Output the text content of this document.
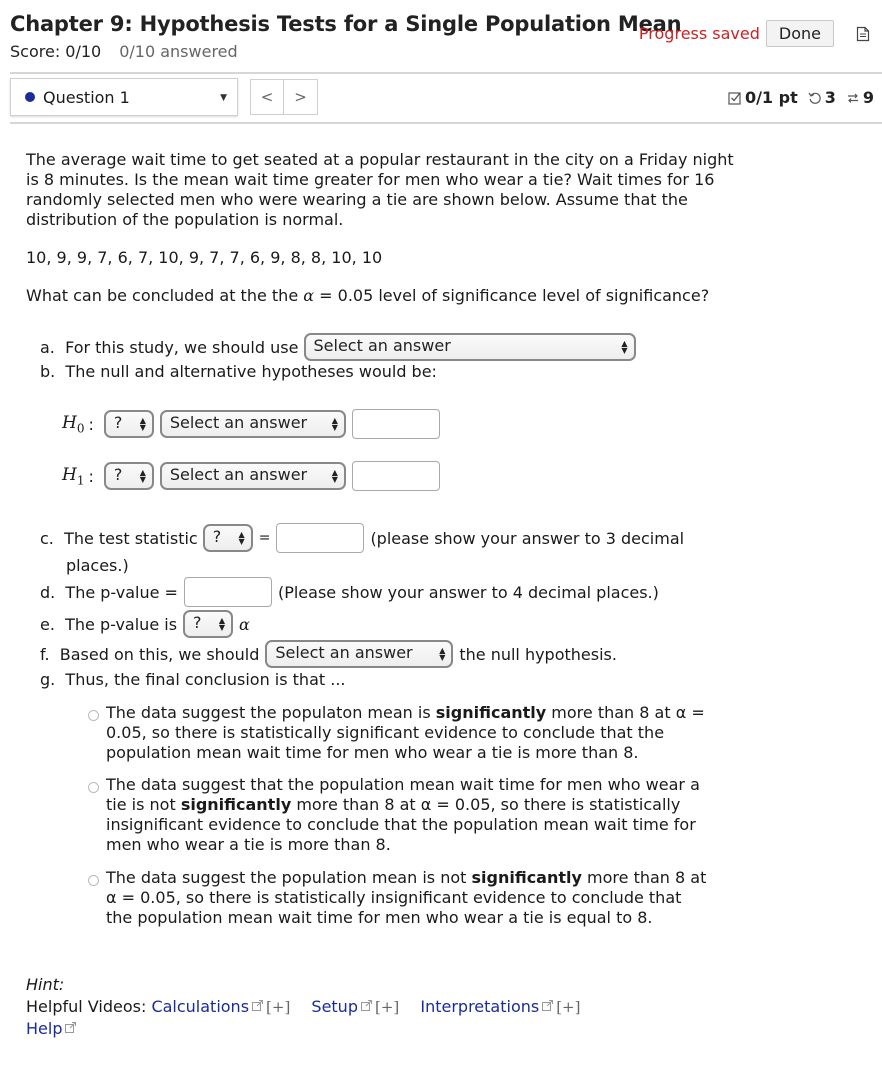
Chapter 9: Hypothesis Tests for a Single Population Mean
Score: 0/10 0/10 answered
Progress saved	Done
Question 1	▼	<	>	0/1 pt 3 9

The average wait time to get seated at a popular restaurant in the city on a Friday night is 8 minutes. Is the mean wait time greater for men who wear a tie? Wait times for 16 randomly selected men who were wearing a tie are shown below. Assume that the distribution of the population is normal.

10, 9, 9, 7, 6, 7, 10, 9, 7, 7, 6, 9, 8, 8, 10, 10

What can be concluded at the the α = 0.05 level of significance level of significance?

a.
For this study, we should use
Select an answer	▲
▼
b.
The null and alternative hypotheses would be:
$H_0$ :	? ▲
▼	Select an answer	▲
▼
$H_1$ :	? ▲
▼	Select an answer	▲
▼
c.
The test statistic ? ▲
▼ =	(please show your answer to 3 decimal
places.)
d.
The p-value =	(Please show your answer to 4 decimal places.)
e.
The p-value is	? ▲
▼ α
f.
Based on this, we should	Select an answer	▲
▼ the null hypothesis.
g.
Thus, the final conclusion is that ...
The data suggest the populaton mean is significantly more than 8 at α = 0.05, so there is statistically significant evidence to conclude that the population mean wait time for men who wear a tie is more than 8.
The data suggest that the population mean wait time for men who wear a tie is not significantly more than 8 at α = 0.05, so there is statistically insignificant evidence to conclude that the population mean wait time for men who wear a tie is more than 8.
The data suggest the population mean is not significantly more than 8 at α = 0.05, so there is statistically insignificant evidence to conclude that the population mean wait time for men who wear a tie is equal to 8.
Hint:
Helpful Videos: Calculations [+] Setup [+] Interpretations [+]
Help
